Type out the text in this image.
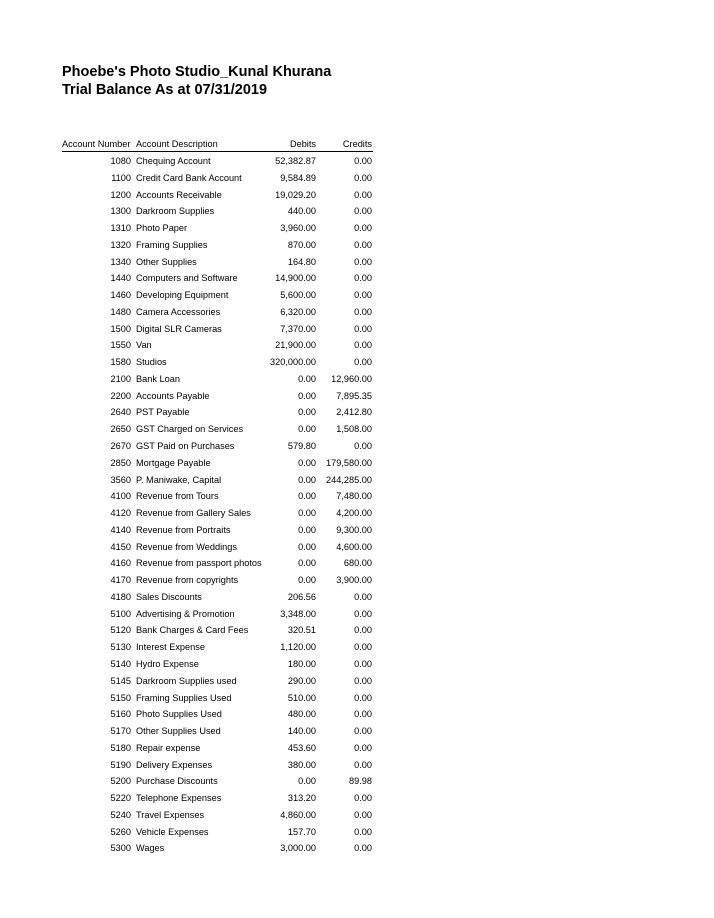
Phoebe's Photo Studio_Kunal Khurana
Trial Balance As at 07/31/2019
Account Number Account Description	Debits	Credits
1080 Chequing Account	52,382.87	0.00
1100 Credit Card Bank Account	9,584.89	0.00
1200 Accounts Receivable	19,029.20	0.00
1300 Darkroom Supplies	440.00	0.00
1310 Photo Paper	3,960.00	0.00
1320 Framing Supplies	870.00	0.00
1340 Other Supplies	164.80	0.00
1440 Computers and Software	14,900.00	0.00
1460 Developing Equipment	5,600.00	0.00
1480 Camera Accessories	6,320.00	0.00
1500 Digital SLR Cameras	7,370.00	0.00
1550 Van	21,900.00	0.00
1580 Studios	320,000.00	0.00
2100 Bank Loan	0.00	12,960.00
2200 Accounts Payable	0.00	7,895.35
2640 PST Payable	0.00	2,412.80
2650 GST Charged on Services	0.00	1,508.00
2670 GST Paid on Purchases	579.80	0.00
2850 Mortgage Payable	0.00	179,580.00
3560 P. Maniwake, Capital	0.00	244,285.00
4100 Revenue from Tours	0.00	7,480.00
4120 Revenue from Gallery Sales	0.00	4,200.00
4140 Revenue from Portraits	0.00	9,300.00
4150 Revenue from Weddings	0.00	4,600.00
4160 Revenue from passport photos	0.00	680.00
4170 Revenue from copyrights	0.00	3,900.00
4180 Sales Discounts	206.56	0.00
5100 Advertising & Promotion	3,348.00	0.00
5120 Bank Charges & Card Fees	320.51	0.00
5130 Interest Expense	1,120.00	0.00
5140 Hydro Expense	180.00	0.00
5145 Darkroom Supplies used	290.00	0.00
5150 Framing Supplies Used	510.00	0.00
5160 Photo Supplies Used	480.00	0.00
5170 Other Supplies Used	140.00	0.00
5180 Repair expense	453.60	0.00
5190 Delivery Expenses	380.00	0.00
5200 Purchase Discounts	0.00	89.98
5220 Telephone Expenses	313.20	0.00
5240 Travel Expenses	4,860.00	0.00
5260 Vehicle Expenses	157.70	0.00
5300 Wages	3,000.00	0.00
